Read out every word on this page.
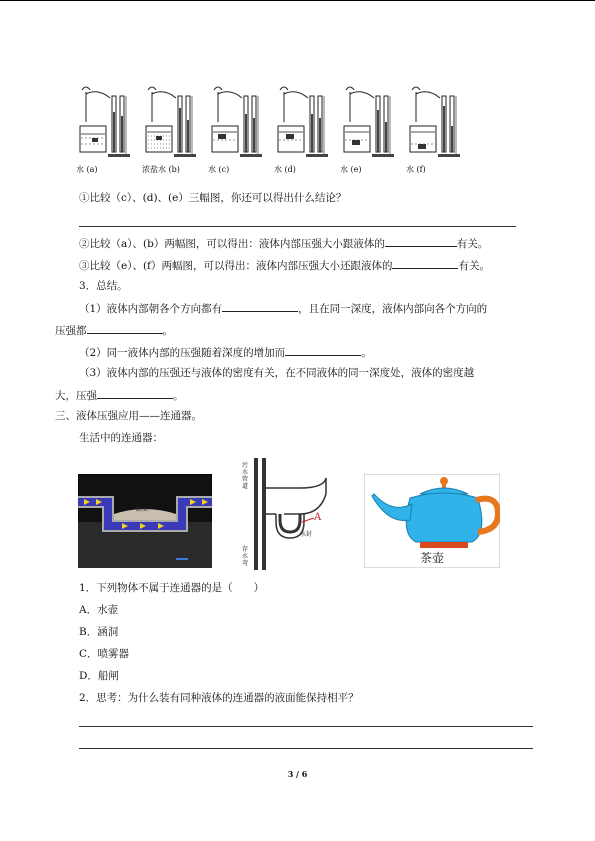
水 (a)	浓盐水 (b)	水 (c)	水 (d)	水 (e)	水 (f)
①比较（c）、(d)、(e）三幅图，你还可以得出什么结论？
②比较（a）、(b）两幅图，可以得出：液体内部压强大小跟液体的	有关。
③比较（e）、(f）两幅图，可以得出：液体内部压强大小还跟液体的	有关。
3．总结。
（1）液体内部朝各个方向都有	，且在同一深度，液体内部向各个方向的
压强都	。
（2）同一液体内部的压强随着深度的增加而	。
（3）液体内部的压强还与液体的密度有关，在不同液体的同一深度处，液体的密度越
大，压强	。
三、液体压强应用——连通器。
生活中的连通器：
路面
污水管道
存水弯
A
水封
茶壶
1．下列物体不属于连通器的是（　　）
A．水壶
B．涵洞
C．喷雾器
D．船闸
2．思考：为什么装有同种液体的连通器的液面能保持相平？
3 / 6
